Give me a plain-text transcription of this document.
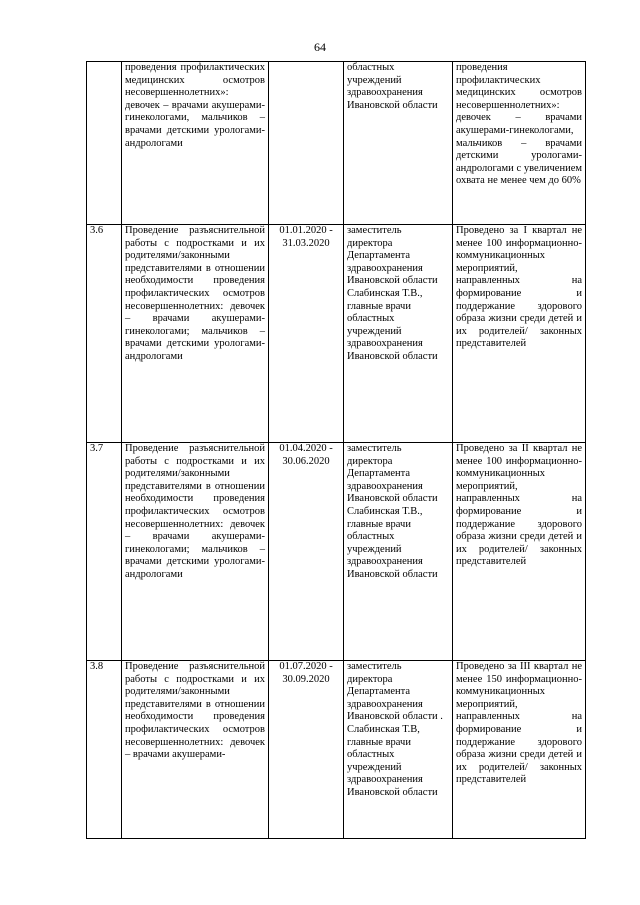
64
	проведения профилактических медицинских осмотров несовершеннолетних»: девочек – врачами акушерами-гинекологами, мальчиков – врачами детскими урологами-андрологами		областных учреждений здравоохранения Ивановской области	проведения профилактических медицинских осмотров несовершеннолетних»: девочек – врачами акушерами-гинекологами, мальчиков – врачами детскими урологами-андрологами с увеличением охвата не менее чем до 60%
3.6	Проведение разъяснительной работы с подростками и их родителями/законными представителями в отношении необходимости проведения профилактических осмотров несовершеннолетних: девочек – врачами акушерами-гинекологами; мальчиков – врачами детскими урологами-андрологами	01.01.2020 - 31.03.2020	заместитель директора Департамента здравоохранения Ивановской области Слабинская Т.В., главные врачи областных учреждений здравоохранения Ивановской области	Проведено за I квартал не менее 100 информационно-коммуникационных мероприятий, направленных на формирование и поддержание здорового образа жизни среди детей и их родителей/ законных представителей
3.7	Проведение разъяснительной работы с подростками и их родителями/законными представителями в отношении необходимости проведения профилактических осмотров несовершеннолетних: девочек – врачами акушерами-гинекологами; мальчиков – врачами детскими урологами-андрологами	01.04.2020 - 30.06.2020	заместитель директора Департамента здравоохранения Ивановской области Слабинская Т.В., главные врачи областных учреждений здравоохранения Ивановской области	Проведено за II квартал не менее 100 информационно-коммуникационных мероприятий, направленных на формирование и поддержание здорового образа жизни среди детей и их родителей/ законных представителей
3.8	Проведение разъяснительной работы с подростками и их родителями/законными представителями в отношении необходимости проведения профилактических осмотров несовершеннолетних: девочек – врачами акушерами-	01.07.2020 - 30.09.2020	заместитель директора Департамента здравоохранения Ивановской области . Слабинская Т.В, главные врачи областных учреждений здравоохранения Ивановской области	Проведено за III квартал не менее 150 информационно-коммуникационных мероприятий, направленных на формирование и поддержание здорового образа жизни среди детей и их родителей/ законных представителей
